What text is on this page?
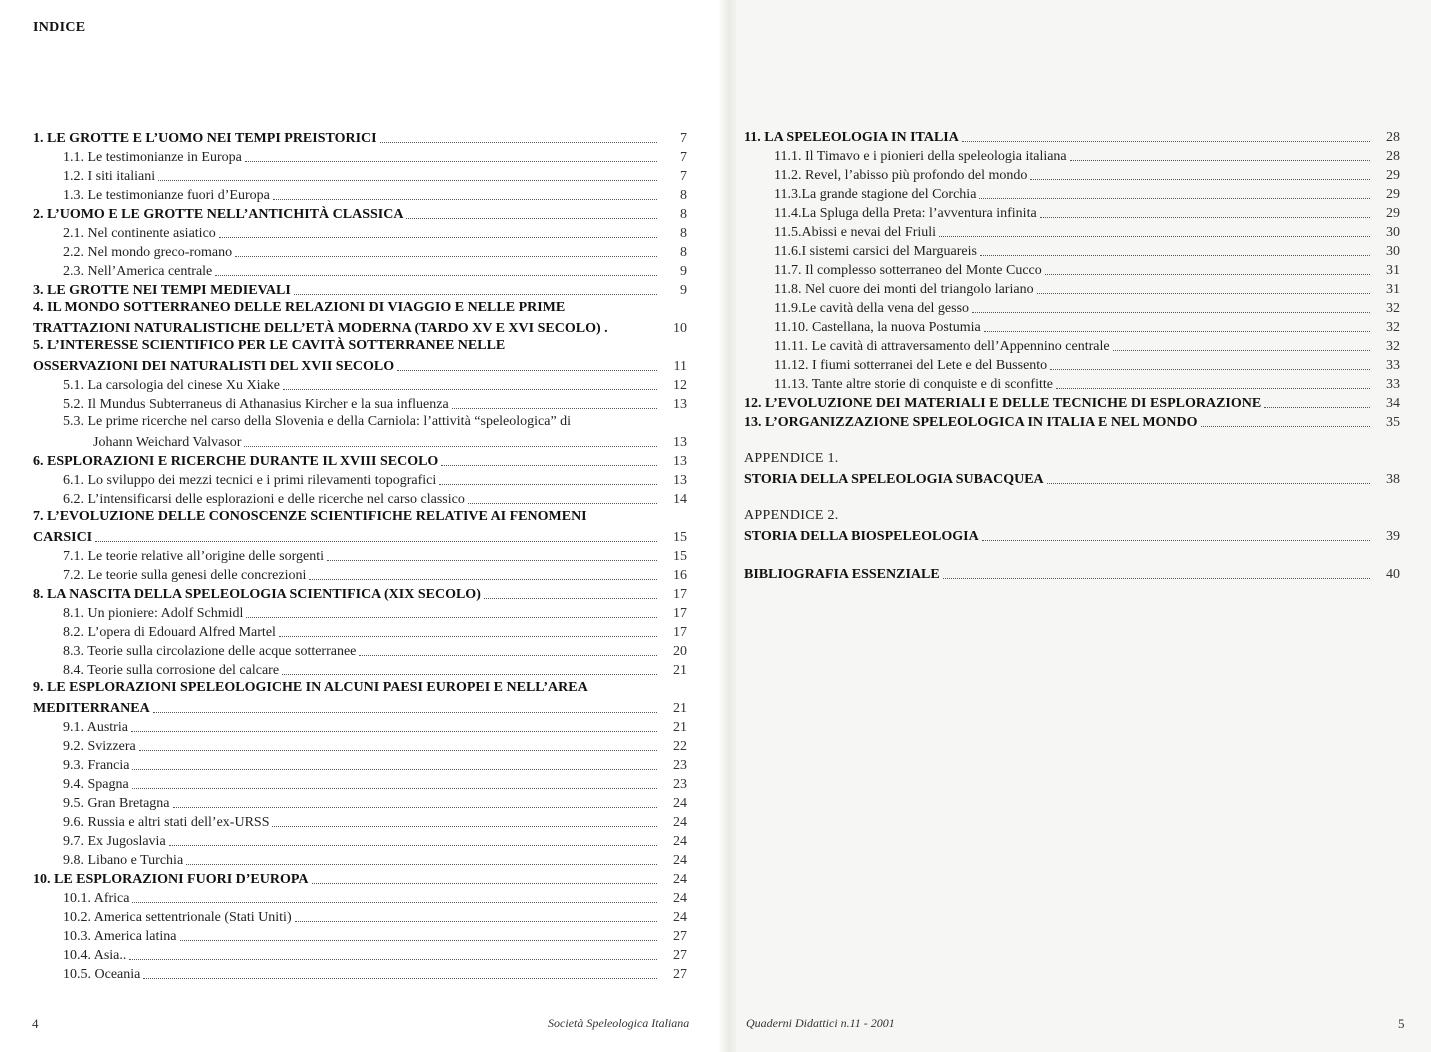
INDICE
1. LE GROTTE E L’UOMO NEI TEMPI PREISTORICI	7
1.1. Le testimonianze in Europa	7
1.2. I siti italiani	7
1.3. Le testimonianze fuori d’Europa	8
2. L’UOMO E LE GROTTE NELL’ANTICHITÀ CLASSICA	8
2.1. Nel continente asiatico	8
2.2. Nel mondo greco-romano	8
2.3. Nell’America centrale	9
3. LE GROTTE NEI TEMPI MEDIEVALI	9
4. IL MONDO SOTTERRANEO DELLE RELAZIONI DI VIAGGIO E NELLE PRIME
TRATTAZIONI NATURALISTICHE DELL’ETÀ MODERNA (TARDO XV E XVI SECOLO) .	10
5. L’INTERESSE SCIENTIFICO PER LE CAVITÀ SOTTERRANEE NELLE
OSSERVAZIONI DEI NATURALISTI DEL XVII SECOLO	11
5.1. La carsologia del cinese Xu Xiake	12
5.2. Il Mundus Subterraneus di Athanasius Kircher e la sua influenza	13
5.3. Le prime ricerche nel carso della Slovenia e della Carniola: l’attività “speleologica” di
Johann Weichard Valvasor	13
6. ESPLORAZIONI E RICERCHE DURANTE IL XVIII SECOLO	13
6.1. Lo sviluppo dei mezzi tecnici e i primi rilevamenti topografici	13
6.2. L’intensificarsi delle esplorazioni e delle ricerche nel carso classico	14
7. L’EVOLUZIONE DELLE CONOSCENZE SCIENTIFICHE RELATIVE AI FENOMENI
CARSICI	15
7.1. Le teorie relative all’origine delle sorgenti	15
7.2. Le teorie sulla genesi delle concrezioni	16
8. LA NASCITA DELLA SPELEOLOGIA SCIENTIFICA (XIX SECOLO)	17
8.1. Un pioniere: Adolf Schmidl	17
8.2. L’opera di Edouard Alfred Martel	17
8.3. Teorie sulla circolazione delle acque sotterranee	20
8.4. Teorie sulla corrosione del calcare	21
9. LE ESPLORAZIONI SPELEOLOGICHE IN ALCUNI PAESI EUROPEI E NELL’AREA
MEDITERRANEA	21
9.1. Austria	21
9.2. Svizzera	22
9.3. Francia	23
9.4. Spagna	23
9.5. Gran Bretagna	24
9.6. Russia e altri stati dell’ex-URSS	24
9.7. Ex Jugoslavia	24
9.8. Libano e Turchia	24
10. LE ESPLORAZIONI FUORI D’EUROPA	24
10.1. Africa	24
10.2. America settentrionale (Stati Uniti)	24
10.3. America latina	27
10.4. Asia..	27
10.5. Oceania	27
4	Società Speleologica Italiana
11. LA SPELEOLOGIA IN ITALIA	28
11.1. Il Timavo e i pionieri della speleologia italiana	28
11.2. Revel, l’abisso più profondo del mondo	29
11.3.La grande stagione del Corchia	29
11.4.La Spluga della Preta: l’avventura infinita	29
11.5.Abissi e nevai del Friuli	30
11.6.I sistemi carsici del Marguareis	30
11.7. Il complesso sotterraneo del Monte Cucco	31
11.8. Nel cuore dei monti del triangolo lariano	31
11.9.Le cavità della vena del gesso	32
11.10. Castellana, la nuova Postumia	32
11.11. Le cavità di attraversamento dell’Appennino centrale	32
11.12. I fiumi sotterranei del Lete e del Bussento	33
11.13. Tante altre storie di conquiste e di sconfitte	33
12. L’EVOLUZIONE DEI MATERIALI E DELLE TECNICHE DI ESPLORAZIONE	34
13. L’ORGANIZZAZIONE SPELEOLOGICA IN ITALIA E NEL MONDO	35
APPENDICE 1.
STORIA DELLA SPELEOLOGIA SUBACQUEA	38
APPENDICE 2.
STORIA DELLA BIOSPELEOLOGIA	39
BIBLIOGRAFIA ESSENZIALE	40
Quaderni Didattici n.11 - 2001	5
